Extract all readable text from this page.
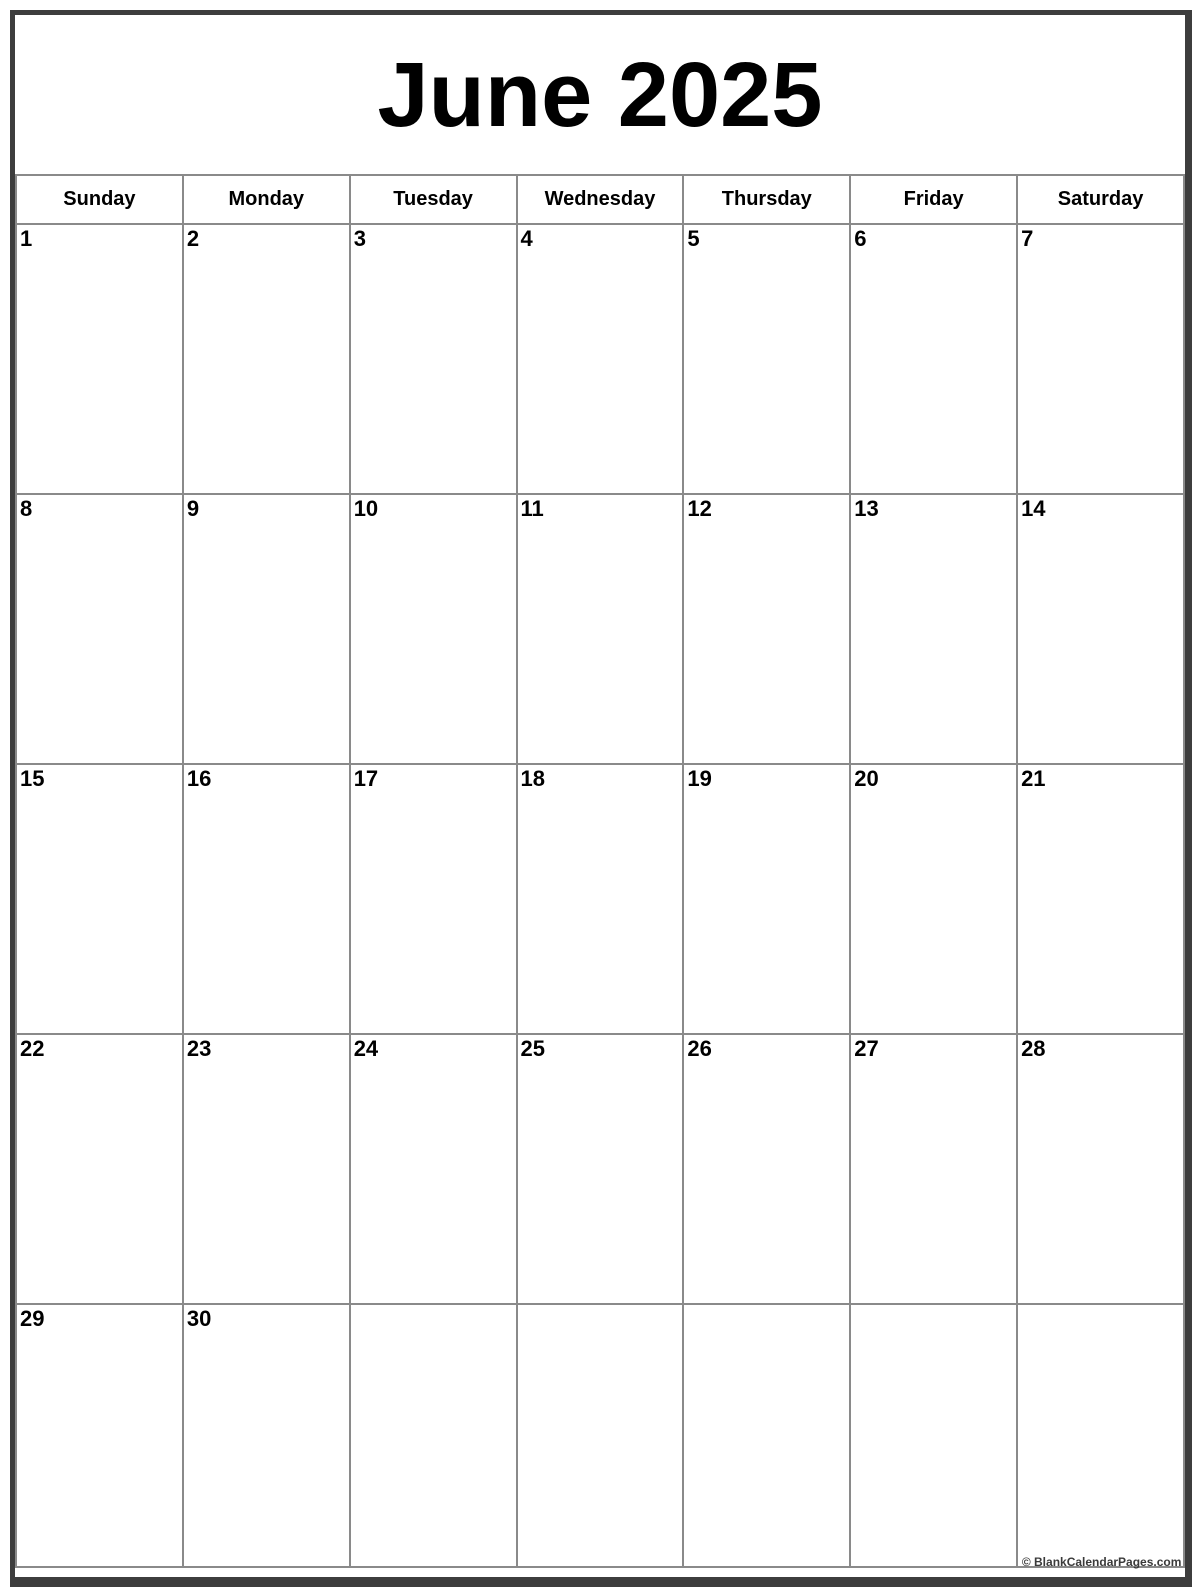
June 2025
Sunday	Monday	Tuesday	Wednesday	Thursday	Friday	Saturday
1	2	3	4	5	6	7
8	9	10	11	12	13	14
15	16	17	18	19	20	21
22	23	24	25	26	27	28
29	30					
© BlankCalendarPages.com
